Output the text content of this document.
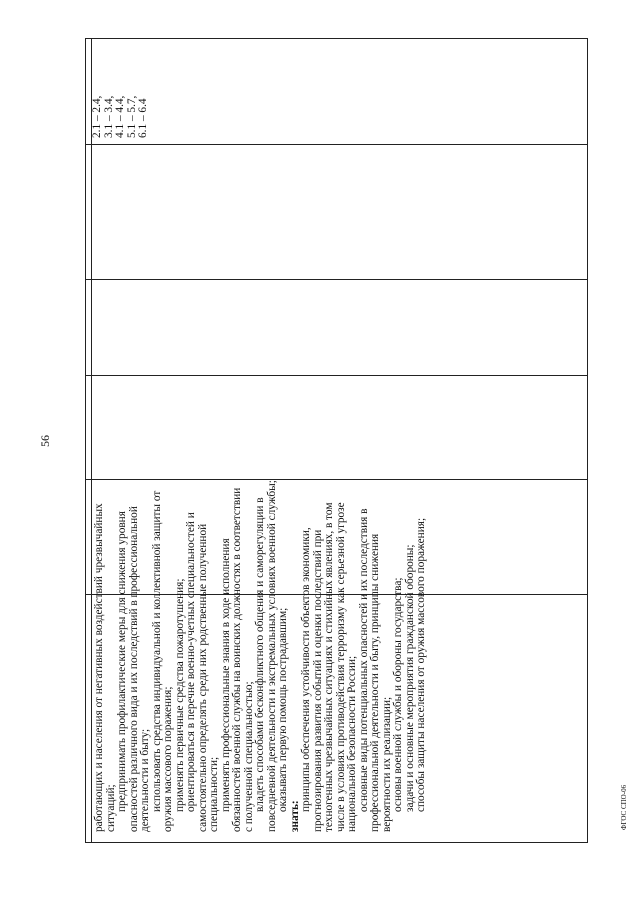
56

работающих и населения от негативных воздействий чрезвычайных ситуаций; предпринимать профилактические меры для снижения уровня опасностей различного вида и их последствий в профессиональной деятельности и быту; использовать средства индивидуальной и коллективной защиты от оружия массового поражения; применять первичные средства пожаротушения; ориентироваться в перечне военно-учетных специальностей и самостоятельно определять среди них родственные полученной специальности; применять профессиональные знания в ходе исполнения обязанностей военной службы на воинских должностях в соответствии с полученной специальностью; владеть способами бесконфликтного общения и саморегуляции в повседневной деятельности и экстремальных условиях военной службы; оказывать первую помощь пострадавшим;

знать:

принципы обеспечения устойчивости объектов экономики, прогнозирования развития событий и оценки последствий при техногенных чрезвычайных ситуациях и стихийных явлениях, в том числе в условиях противодействия терроризму как серьезной угрозе национальной безопасности России; основные виды потенциальных опасностей и их последствия в профессиональной деятельности и быту, принципы снижения вероятности их реализации; основы военной службы и обороны государства; задачи и основные мероприятия гражданской обороны; способы защиты населения от оружия массового поражения;

2.1 – 2.4, 3.1 – 3.4, 4.1 – 4.4, 5.1 – 5.7, 6.1 – 6.4
ФГОС СПО-06
